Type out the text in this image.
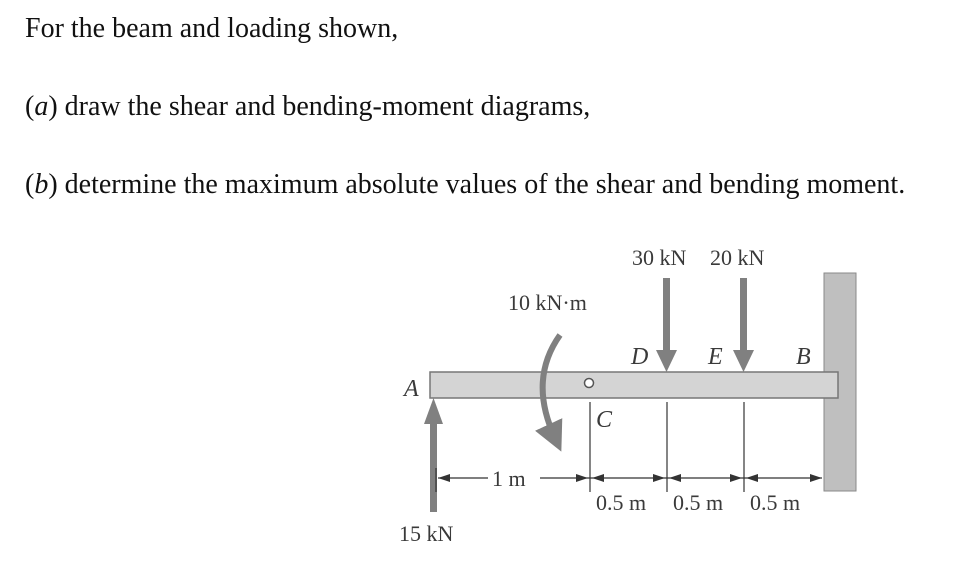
For the beam and loading shown,

(a) draw the shear and bending-moment diagrams,

(b) determine the maximum absolute values of the shear and bending moment.

30 kN 20 kN
10 kN·m
15 kN
A
D E	B
C
1 m
0.5 m 0.5 m 0.5 m
